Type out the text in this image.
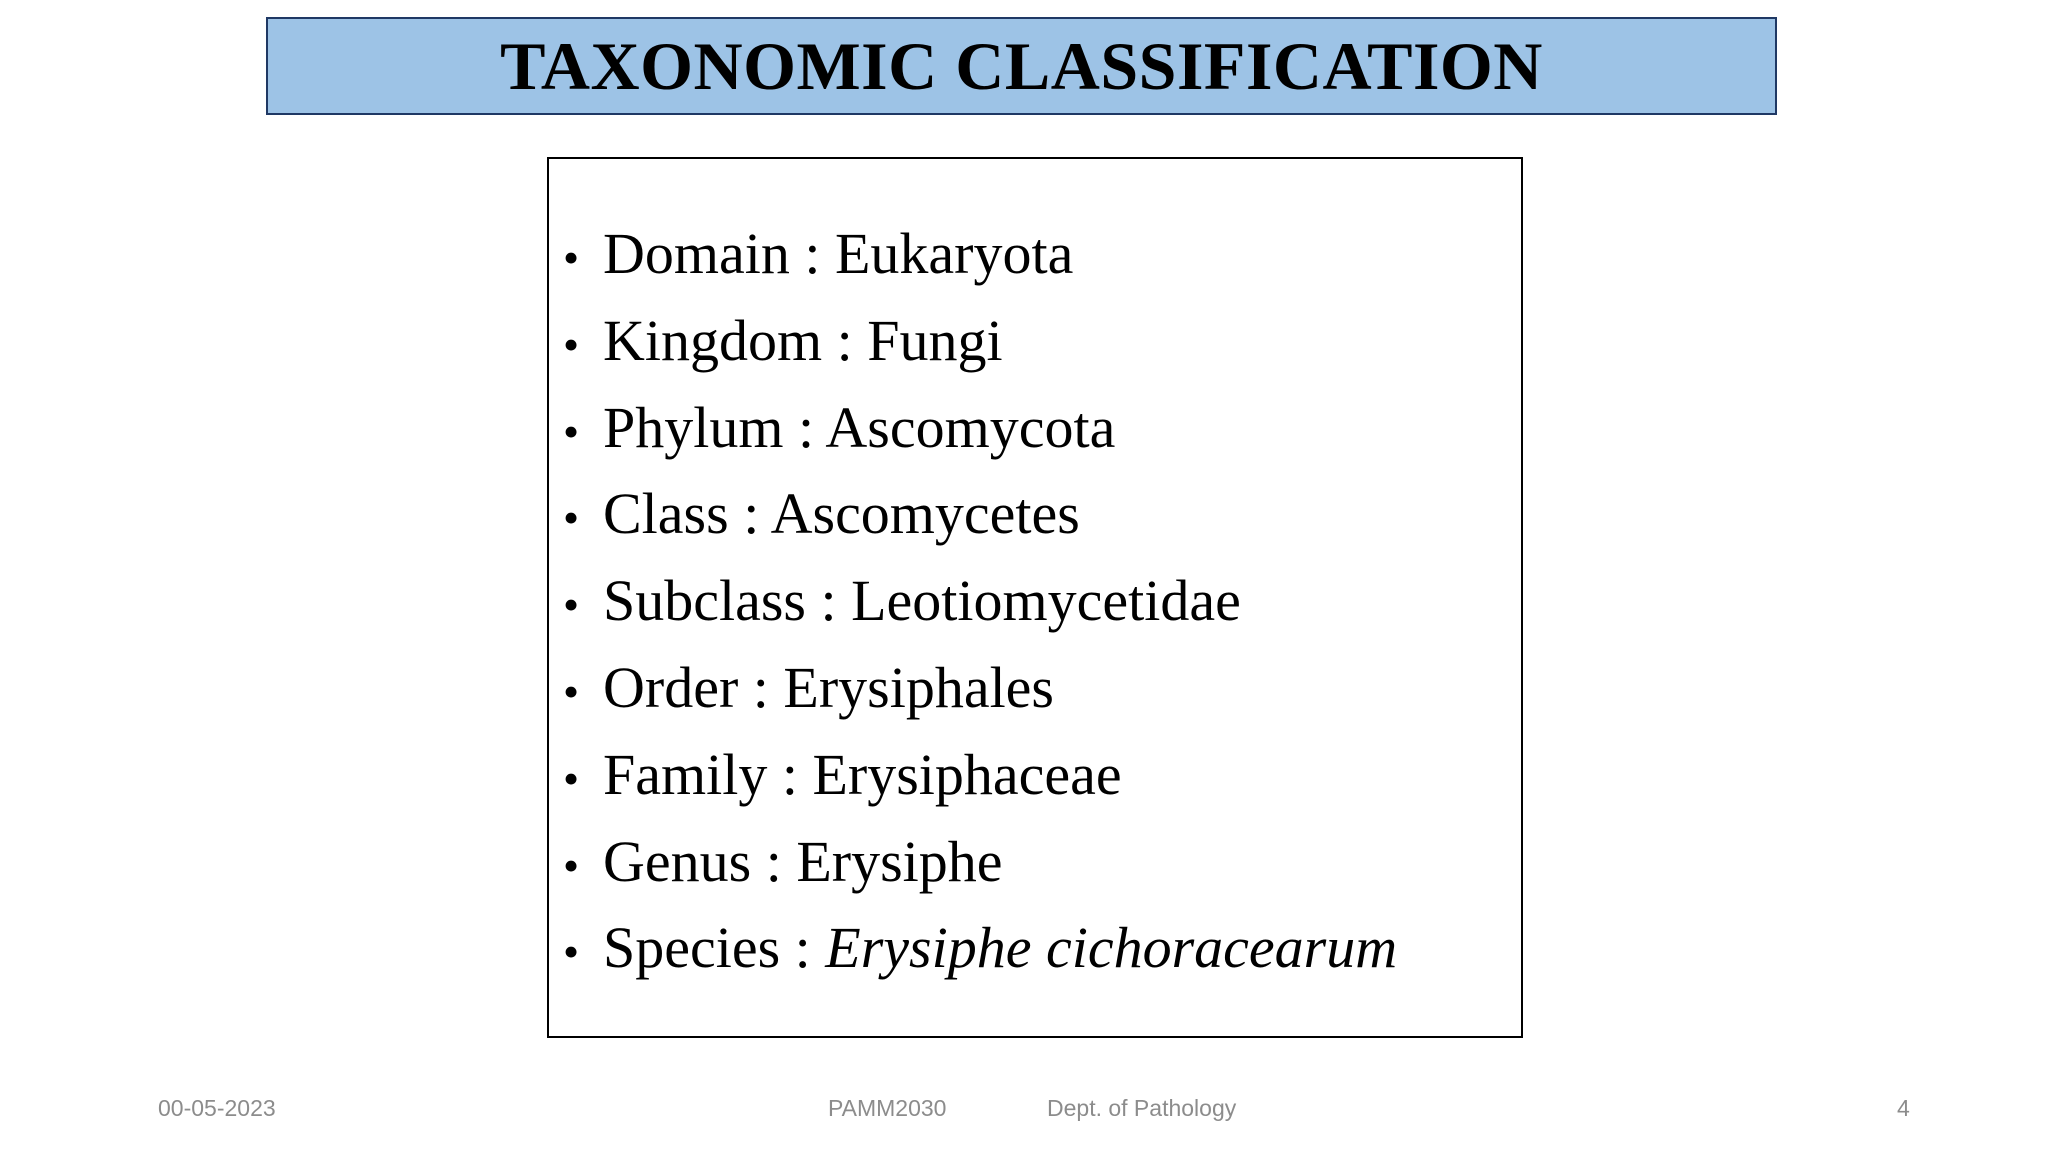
TAXONOMIC CLASSIFICATION
• Domain : Eukaryota
• Kingdom : Fungi
• Phylum : Ascomycota
• Class : Ascomycetes
• Subclass : Leotiomycetidae
• Order : Erysiphales
• Family : Erysiphaceae
• Genus : Erysiphe
• Species : Erysiphe cichoracearum
00-05-2023	PAMM2030	Dept. of Pathology	4
